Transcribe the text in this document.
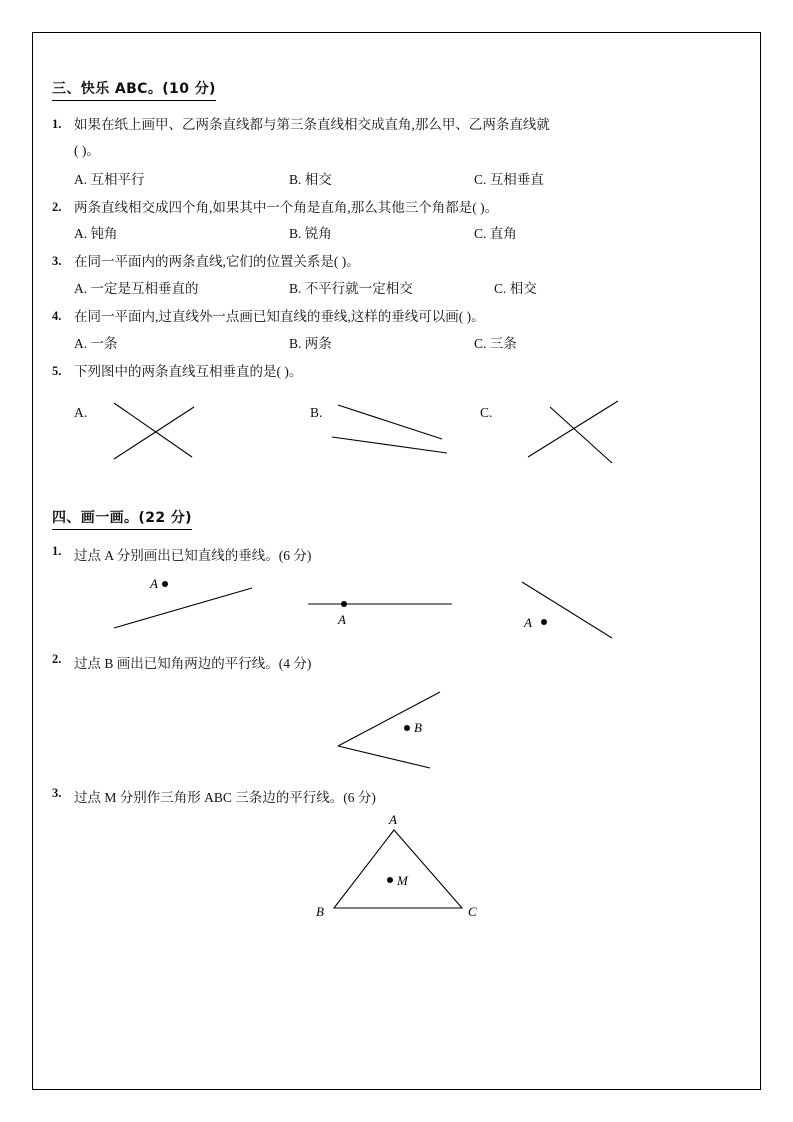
三、快乐 ABC。(10 分)
1. 如果在纸上画甲、乙两条直线都与第三条直线相交成直角,那么甲、乙两条直线就
( )。
A. 互相平行	B. 相交	C. 互相垂直
2. 两条直线相交成四个角,如果其中一个角是直角,那么其他三个角都是( )。
A. 钝角	B. 锐角	C. 直角
3. 在同一平面内的两条直线,它们的位置关系是( )。
A. 一定是互相垂直的	B. 不平行就一定相交	C. 相交
4. 在同一平面内,过直线外一点画已知直线的垂线,这样的垂线可以画( )。
A. 一条	B. 两条	C. 三条
5. 下列图中的两条直线互相垂直的是( )。
A.	B.	C.
四、画一画。(22 分)
1. 过点 A 分别画出已知直线的垂线。(6 分)
A
A	A
2. 过点 B 画出已知角两边的平行线。(4 分)
B
3. 过点 M 分别作三角形 ABC 三条边的平行线。(6 分)
A
B	C
M
